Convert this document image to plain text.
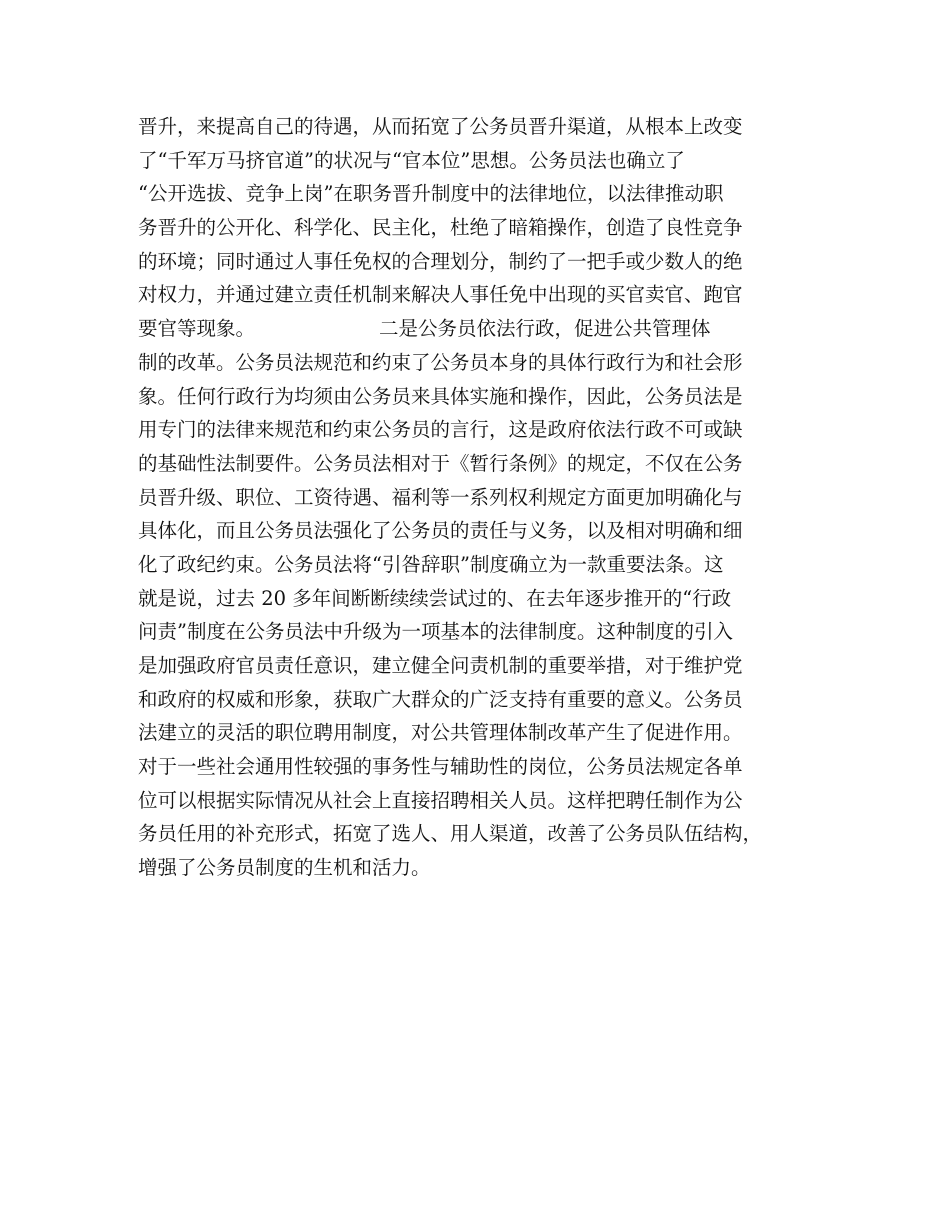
晋升，来提高自己的待遇，从而拓宽了公务员晋升渠道，从根本上改变
了“千军万马挤官道”的状况与“官本位”思想。公务员法也确立了
“公开选拔、竞争上岗”在职务晋升制度中的法律地位，以法律推动职
务晋升的公开化、科学化、民主化，杜绝了暗箱操作，创造了良性竞争
的环境；同时通过人事任免权的合理划分，制约了一把手或少数人的绝
对权力，并通过建立责任机制来解决人事任免中出现的买官卖官、跑官
要官等现象。                    二是公务员依法行政，促进公共管理体
制的改革。公务员法规范和约束了公务员本身的具体行政行为和社会形
象。任何行政行为均须由公务员来具体实施和操作，因此，公务员法是
用专门的法律来规范和约束公务员的言行，这是政府依法行政不可或缺
的基础性法制要件。公务员法相对于《暂行条例》的规定，不仅在公务
员晋升级、职位、工资待遇、福利等一系列权利规定方面更加明确化与
具体化，而且公务员法强化了公务员的责任与义务，以及相对明确和细
化了政纪约束。公务员法将“引咎辞职”制度确立为一款重要法条。这
就是说，过去 20 多年间断断续续尝试过的、在去年逐步推开的“行政
问责”制度在公务员法中升级为一项基本的法律制度。这种制度的引入
是加强政府官员责任意识，建立健全问责机制的重要举措，对于维护党
和政府的权威和形象，获取广大群众的广泛支持有重要的意义。公务员
法建立的灵活的职位聘用制度，对公共管理体制改革产生了促进作用。
对于一些社会通用性较强的事务性与辅助性的岗位，公务员法规定各单
位可以根据实际情况从社会上直接招聘相关人员。这样把聘任制作为公
务员任用的补充形式，拓宽了选人、用人渠道，改善了公务员队伍结构，
增强了公务员制度的生机和活力。
